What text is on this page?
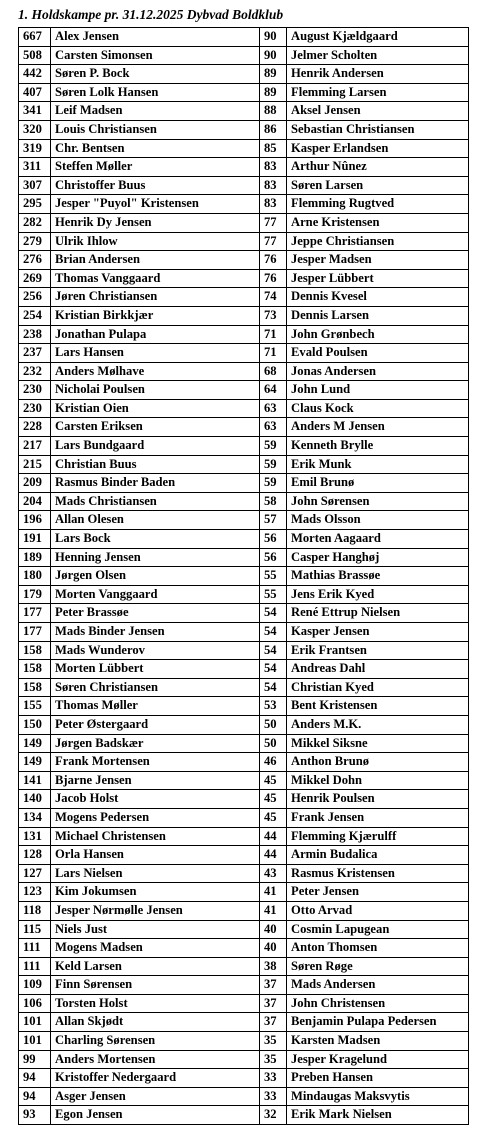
1. Holdskampe pr. 31.12.2025 Dybvad Boldklub
667	Alex Jensen	90	August Kjældgaard
508	Carsten Simonsen	90	Jelmer Scholten
442	Søren P. Bock	89	Henrik Andersen
407	Søren Lolk Hansen	89	Flemming Larsen
341	Leif Madsen	88	Aksel Jensen
320	Louis Christiansen	86	Sebastian Christiansen
319	Chr. Bentsen	85	Kasper Erlandsen
311	Steffen Møller	83	Arthur Nûnez
307	Christoffer Buus	83	Søren Larsen
295	Jesper "Puyol" Kristensen	83	Flemming Rugtved
282	Henrik Dy Jensen	77	Arne Kristensen
279	Ulrik Ihlow	77	Jeppe Christiansen
276	Brian Andersen	76	Jesper Madsen
269	Thomas Vanggaard	76	Jesper Lübbert
256	Jøren Christiansen	74	Dennis Kvesel
254	Kristian Birkkjær	73	Dennis Larsen
238	Jonathan Pulapa	71	John Grønbech
237	Lars Hansen	71	Evald Poulsen
232	Anders Mølhave	68	Jonas Andersen
230	Nicholai Poulsen	64	John Lund
230	Kristian Oien	63	Claus Kock
228	Carsten Eriksen	63	Anders M Jensen
217	Lars Bundgaard	59	Kenneth Brylle
215	Christian Buus	59	Erik Munk
209	Rasmus Binder Baden	59	Emil Brunø
204	Mads Christiansen	58	John Sørensen
196	Allan Olesen	57	Mads Olsson
191	Lars Bock	56	Morten Aagaard
189	Henning Jensen	56	Casper Hanghøj
180	Jørgen Olsen	55	Mathias Brassøe
179	Morten Vanggaard	55	Jens Erik Kyed
177	Peter Brassøe	54	René Ettrup Nielsen
177	Mads Binder Jensen	54	Kasper Jensen
158	Mads Wunderov	54	Erik Frantsen
158	Morten Lübbert	54	Andreas Dahl
158	Søren Christiansen	54	Christian Kyed
155	Thomas Møller	53	Bent Kristensen
150	Peter Østergaard	50	Anders M.K.
149	Jørgen Badskær	50	Mikkel Siksne
149	Frank Mortensen	46	Anthon Brunø
141	Bjarne Jensen	45	Mikkel Dohn
140	Jacob Holst	45	Henrik Poulsen
134	Mogens Pedersen	45	Frank Jensen
131	Michael Christensen	44	Flemming Kjærulff
128	Orla Hansen	44	Armin Budalica
127	Lars Nielsen	43	Rasmus Kristensen
123	Kim Jokumsen	41	Peter Jensen
118	Jesper Nørmølle Jensen	41	Otto Arvad
115	Niels Just	40	Cosmin Lapugean
111	Mogens Madsen	40	Anton Thomsen
111	Keld Larsen	38	Søren Røge
109	Finn Sørensen	37	Mads Andersen
106	Torsten Holst	37	John Christensen
101	Allan Skjødt	37	Benjamin Pulapa Pedersen
101	Charling Sørensen	35	Karsten Madsen
99	Anders Mortensen	35	Jesper Kragelund
94	Kristoffer Nedergaard	33	Preben Hansen
94	Asger Jensen	33	Mindaugas Maksvytis
93	Egon Jensen	32	Erik Mark Nielsen
